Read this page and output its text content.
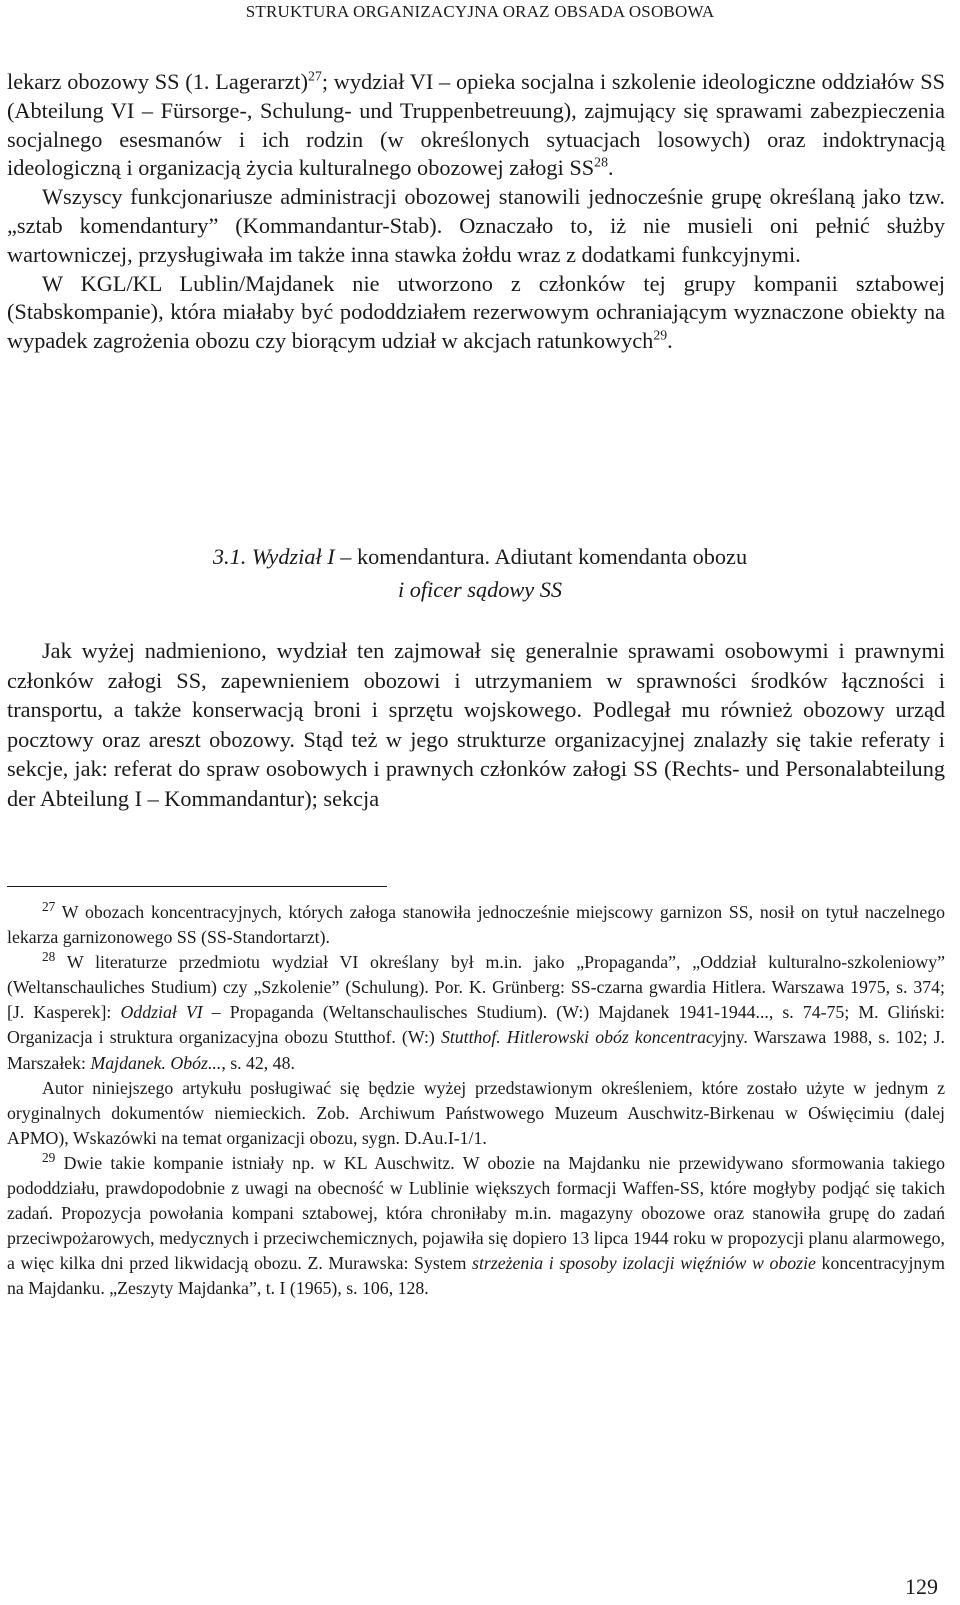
STRUKTURA ORGANIZACYJNA ORAZ OBSADA OSOBOWA

lekarz obozowy SS (1. Lagerarzt)$^{27}$; wydział VI – opieka socjalna i szkolenie ideologiczne oddziałów SS (Abteilung VI – Fürsorge-, Schulung- und Truppenbetreuung), zajmujący się sprawami zabezpieczenia socjalnego esesmanów i ich rodzin (w określonych sytuacjach losowych) oraz indoktrynacją ideologiczną i organizacją życia kulturalnego obozowej załogi SS$^{28}$.

Wszyscy funkcjonariusze administracji obozowej stanowili jednocześnie grupę określaną jako tzw. „sztab komendantury” (Kommandantur-Stab). Oznaczało to, iż nie musieli oni pełnić służby wartowniczej, przysługiwała im także inna stawka żołdu wraz z dodatkami funkcyjnymi.

W KGL/KL Lublin/Majdanek nie utworzono z członków tej grupy kompanii sztabowej (Stabskompanie), która miałaby być pododdziałem rezerwowym ochraniającym wyznaczone obiekty na wypadek zagrożenia obozu czy biorącym udział w akcjach ratunkowych$^{29}$.

3.1. Wydział I – komendantura. Adiutant komendanta obozu
i oficer sądowy SS

Jak wyżej nadmieniono, wydział ten zajmował się generalnie sprawami osobowymi i prawnymi członków załogi SS, zapewnieniem obozowi i utrzymaniem w sprawności środków łączności i transportu, a także konserwacją broni i sprzętu wojskowego. Podlegał mu również obozowy urząd pocztowy oraz areszt obozowy. Stąd też w jego strukturze organizacyjnej znalazły się takie referaty i sekcje, jak: referat do spraw osobowych i prawnych członków załogi SS (Rechts- und Personalabteilung der Abteilung I – Kommandantur); sekcja

$^{27}$ W obozach koncentracyjnych, których załoga stanowiła jednocześnie miejscowy garnizon SS, nosił on tytuł naczelnego lekarza garnizonowego SS (SS-Standortarzt).

$^{28}$ W literaturze przedmiotu wydział VI określany był m.in. jako „Propaganda”, „Oddział kulturalno-szkoleniowy” (Weltanschauliches Studium) czy „Szkolenie” (Schulung). Por. K. Grünberg: SS-czarna gwardia Hitlera. Warszawa 1975, s. 374; [J. Kasperek]: Oddział VI – Propaganda (Weltanschaulisches Studium). (W:) Majdanek 1941-1944..., s. 74-75; M. Gliński: Organizacja i struktura organizacyjna obozu Stutthof. (W:) Stutthof. Hitlerowski obóz koncentracyjny. Warszawa 1988, s. 102; J. Marszałek: Majdanek. Obóz..., s. 42, 48.

Autor niniejszego artykułu posługiwać się będzie wyżej przedstawionym określeniem, które zostało użyte w jednym z oryginalnych dokumentów niemieckich. Zob. Archiwum Państwowego Muzeum Auschwitz-Birkenau w Oświęcimiu (dalej APMO), Wskazówki na temat organizacji obozu, sygn. D.Au.I-1/1.

$^{29}$ Dwie takie kompanie istniały np. w KL Auschwitz. W obozie na Majdanku nie przewidywano sformowania takiego pododdziału, prawdopodobnie z uwagi na obecność w Lublinie większych formacji Waffen-SS, które mogłyby podjąć się takich zadań. Propozycja powołania kompani sztabowej, która chroniłaby m.in. magazyny obozowe oraz stanowiła grupę do zadań przeciwpożarowych, medycznych i przeciwchemicznych, pojawiła się dopiero 13 lipca 1944 roku w propozycji planu alarmowego, a więc kilka dni przed likwidacją obozu. Z. Murawska: System strzeżenia i sposoby izolacji więźniów w obozie koncentracyjnym na Majdanku. „Zeszyty Majdanka”, t. I (1965), s. 106, 128.

129
